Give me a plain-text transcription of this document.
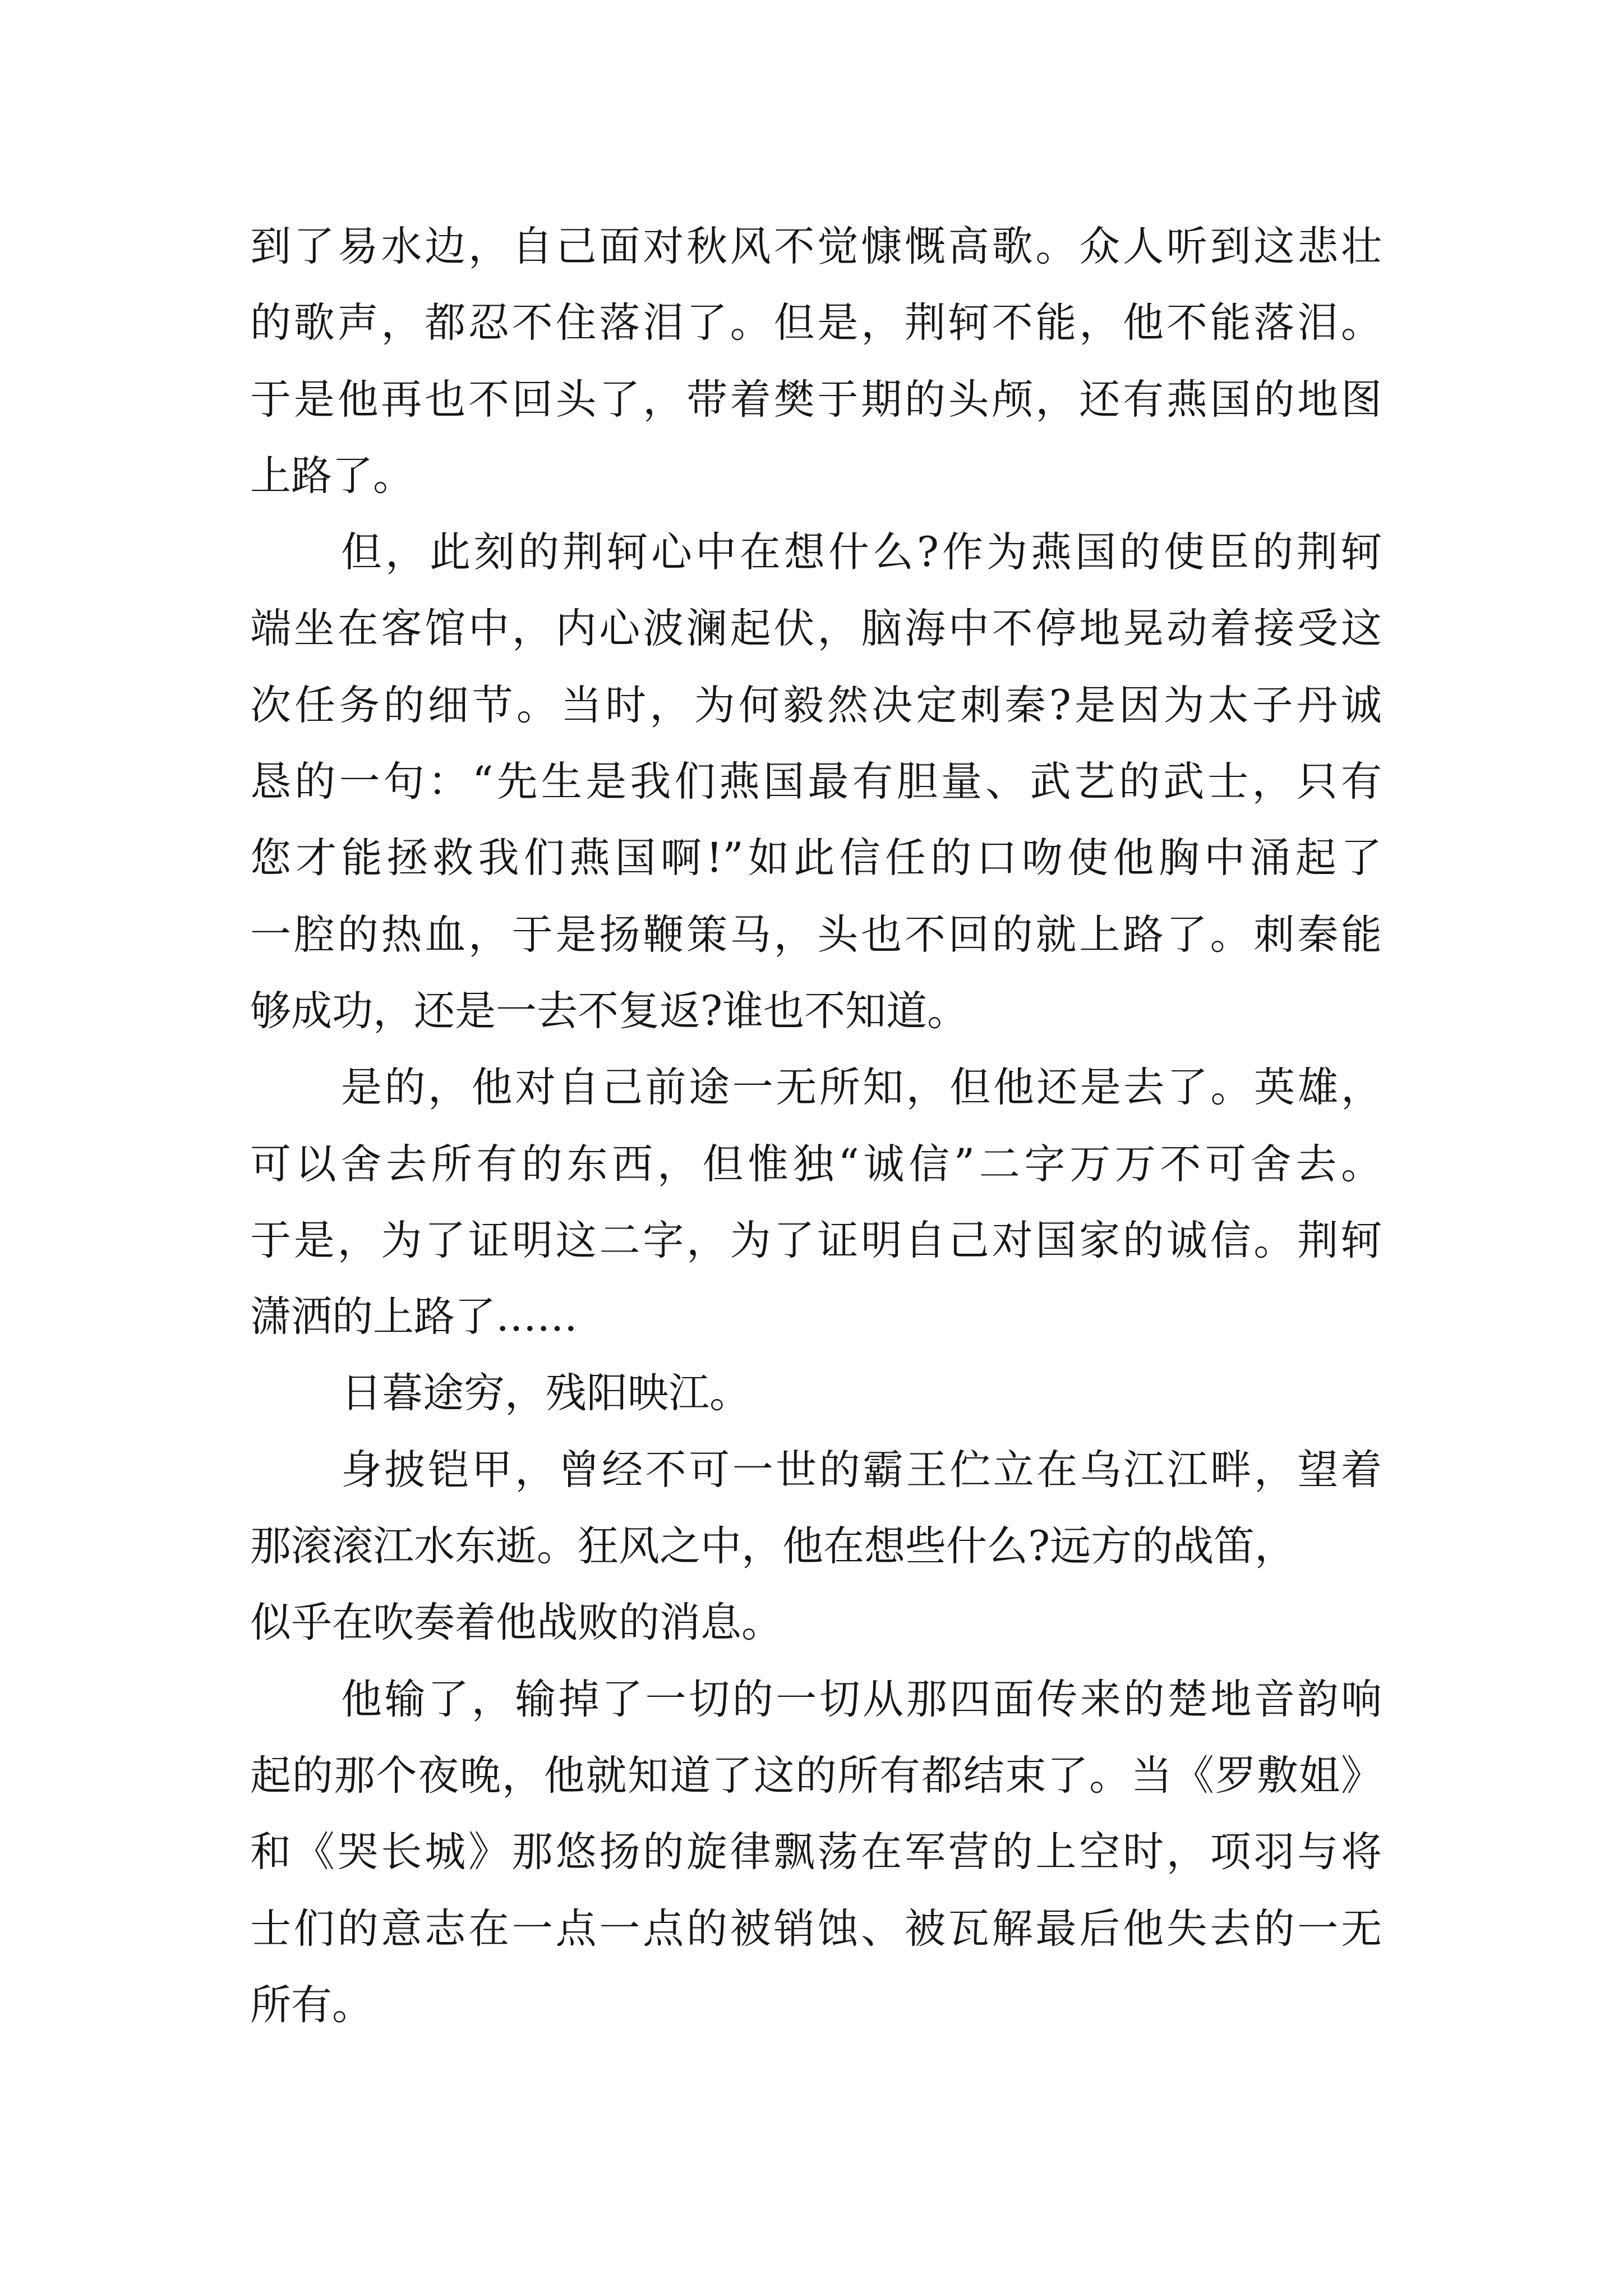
到了易水边，自己面对秋风不觉慷慨高歌。众人听到这悲壮
的歌声，都忍不住落泪了。但是，荆轲不能，他不能落泪。
于是他再也不回头了，带着樊于期的头颅，还有燕国的地图
上路了。
但，此刻的荆轲心中在想什么?作为燕国的使臣的荆轲
端坐在客馆中，内心波澜起伏，脑海中不停地晃动着接受这
次任务的细节。当时，为何毅然决定刺秦?是因为太子丹诚
恳的一句：“先生是我们燕国最有胆量、武艺的武士，只有
您才能拯救我们燕国啊!”如此信任的口吻使他胸中涌起了
一腔的热血，于是扬鞭策马，头也不回的就上路了。刺秦能
够成功，还是一去不复返?谁也不知道。
是的，他对自己前途一无所知，但他还是去了。英雄，
可以舍去所有的东西，但惟独“诚信”二字万万不可舍去。
于是，为了证明这二字，为了证明自己对国家的诚信。荆轲
潇洒的上路了……
日暮途穷，残阳映江。
身披铠甲，曾经不可一世的霸王伫立在乌江江畔，望着
那滚滚江水东逝。狂风之中，他在想些什么?远方的战笛，
似乎在吹奏着他战败的消息。
他输了，输掉了一切的一切从那四面传来的楚地音韵响
起的那个夜晚，他就知道了这的所有都结束了。当《罗敷姐》
和《哭长城》那悠扬的旋律飘荡在军营的上空时，项羽与将
士们的意志在一点一点的被销蚀、被瓦解最后他失去的一无
所有。
